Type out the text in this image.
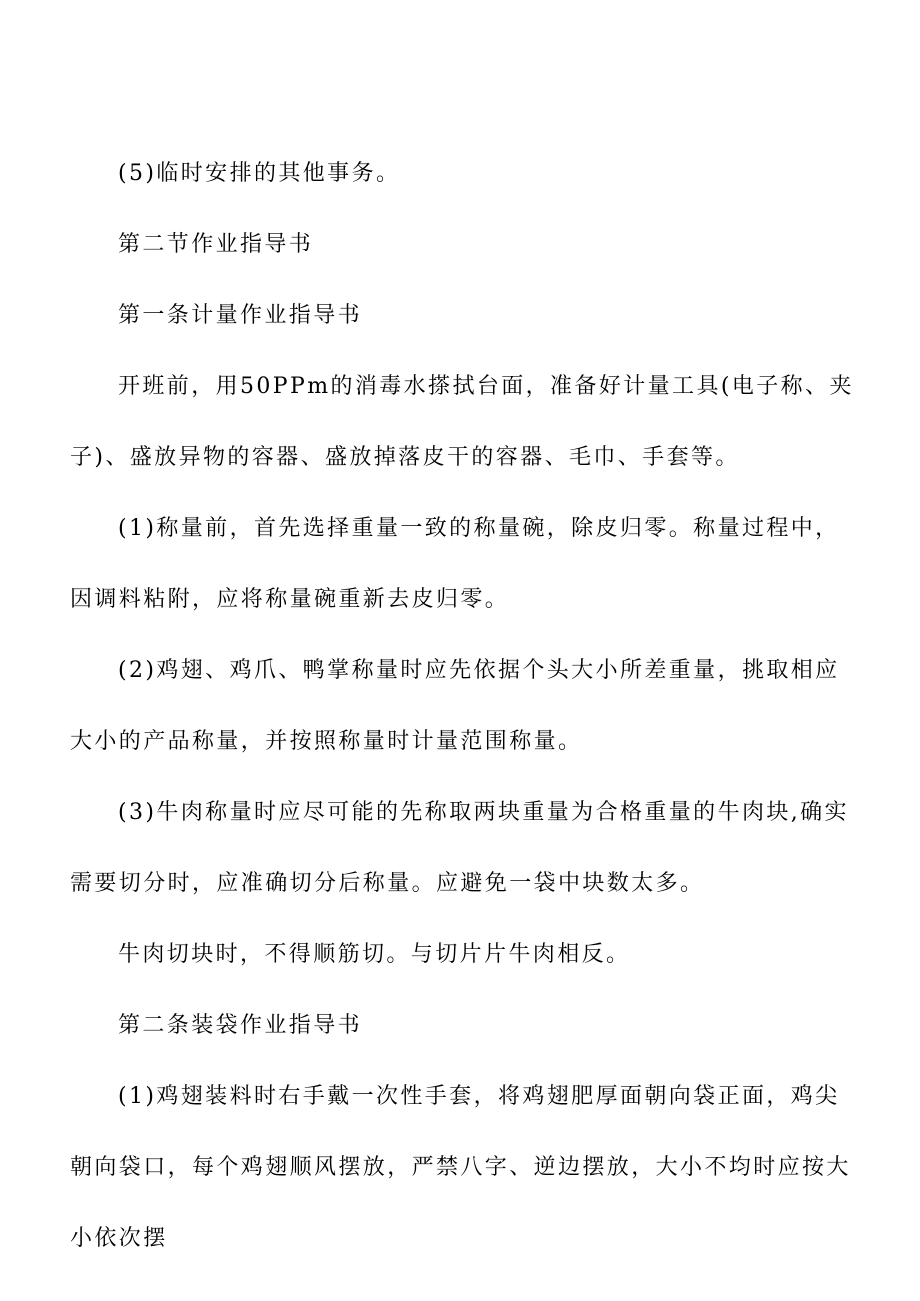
(5)临时安排的其他事务。

第二节作业指导书

第一条计量作业指导书

开班前，用50PPm的消毒水搽拭台面，准备好计量工具(电子称、夹子)、盛放异物的容器、盛放掉落皮干的容器、毛巾、手套等。

(1)称量前，首先选择重量一致的称量碗，除皮归零。称量过程中，因调料粘附，应将称量碗重新去皮归零。

(2)鸡翅、鸡爪、鸭掌称量时应先依据个头大小所差重量，挑取相应大小的产品称量，并按照称量时计量范围称量。

(3)牛肉称量时应尽可能的先称取两块重量为合格重量的牛肉块,确实需要切分时，应准确切分后称量。应避免一袋中块数太多。

牛肉切块时，不得顺筋切。与切片片牛肉相反。

第二条装袋作业指导书

(1)鸡翅装料时右手戴一次性手套，将鸡翅肥厚面朝向袋正面，鸡尖朝向袋口，每个鸡翅顺风摆放，严禁八字、逆边摆放，大小不均时应按大小依次摆
